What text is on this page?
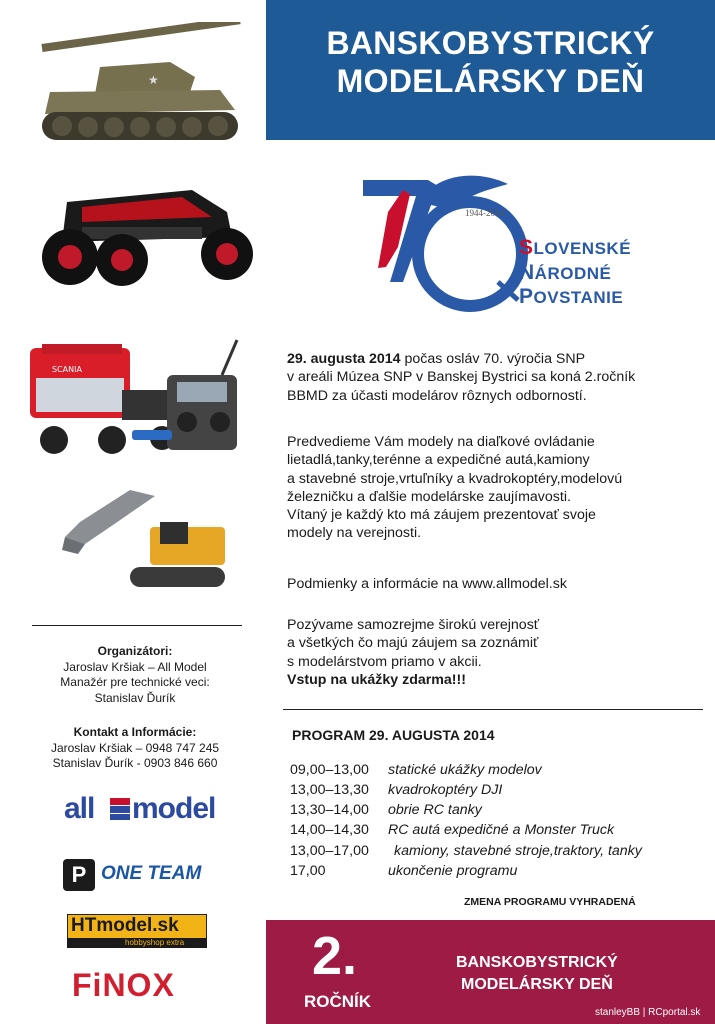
BANSKOBYSTRICKÝ
MODELÁRSKY DEŇ
★
SCANIA
1944-2014
SLOVENSKÉ
NÁRODNÉ
POVSTANIE
29. augusta 2014 počas osláv 70. výročia SNP
v areáli Múzea SNP v Banskej Bystrici sa koná 2.ročník
BBMD za účasti modelárov rôznych odborností.
Predvedieme Vám modely na diaľkové ovládanie
lietadlá,tanky,terénne a expedičné autá,kamiony
a stavebné stroje,vrtuľníky a kvadrokoptéry,modelovú
železničku a ďalšie modelárske zaujímavosti.
Vítaný je každý kto má záujem prezentovať svoje
modely na verejnosti.
Podmienky a informácie na www.allmodel.sk
Pozývame samozrejme širokú verejnosť
a všetkých čo majú záujem sa zoznámiť
s modelárstvom priamo v akcii.
Vstup na ukážky zdarma!!!
PROGRAM 29. AUGUSTA 2014
09,00–13,00 statické ukážky modelov
13,00–13,30 kvadrokoptéry DJI
13,30–14,00 obrie RC tanky
14,00–14,30 RC autá expedičné a Monster Truck
13,00–17,00 kamiony, stavebné stroje,traktory, tanky
17,00	ukončenie programu
ZMENA PROGRAMU VYHRADENÁ
Organizátori:
Jaroslav Kršiak – All Model
Manažér pre technické veci:
Stanislav Ďurík
Kontakt a Informácie:
Jaroslav Kršiak – 0948 747 245
Stanislav Ďurík - 0903 846 660
all model
P ONE TEAM
HTmodel.sk
hobbyshop extra
FiNOX	2.
ROČNÍK
BANSKOBYSTRICKÝ
MODELÁRSKY DEŇ
stanleyBB | RCportal.sk
